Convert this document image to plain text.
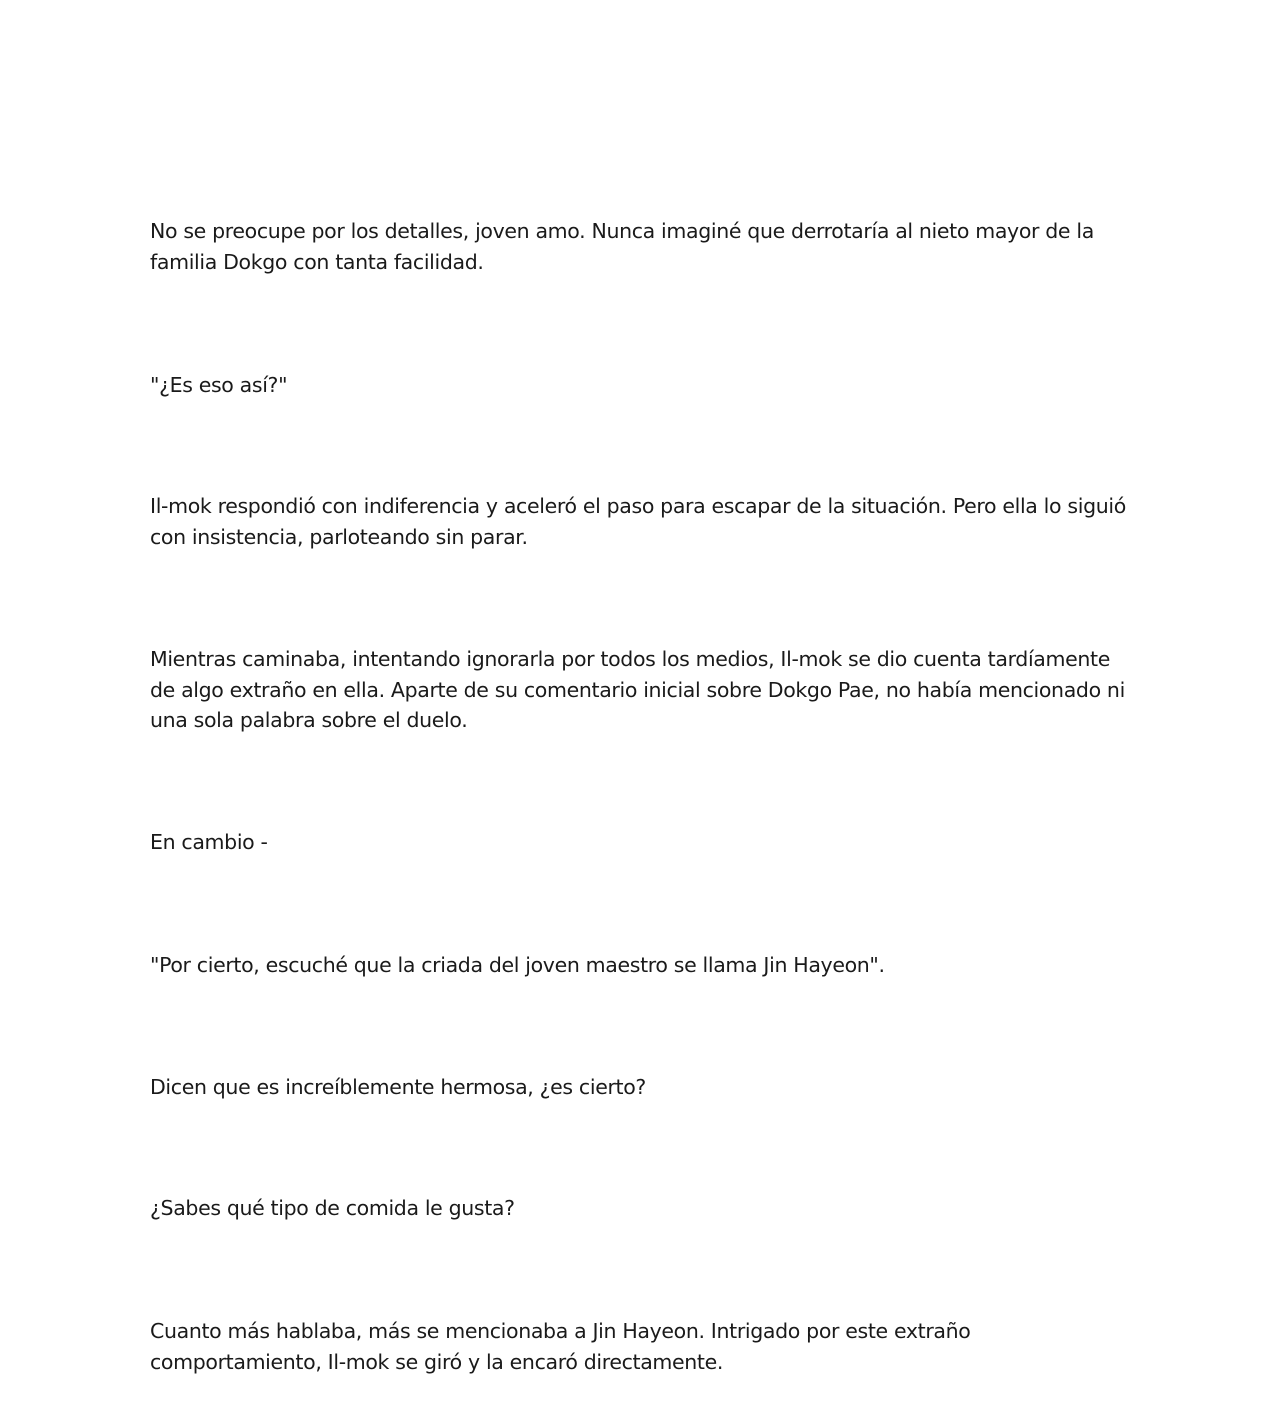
No se preocupe por los detalles, joven amo. Nunca imaginé que derrotaría al nieto mayor de la familia Dokgo con tanta facilidad.

"¿Es eso así?"

Il-mok respondió con indiferencia y aceleró el paso para escapar de la situación. Pero ella lo siguió con insistencia, parloteando sin parar.

Mientras caminaba, intentando ignorarla por todos los medios, Il-mok se dio cuenta tardíamente de algo extraño en ella. Aparte de su comentario inicial sobre Dokgo Pae, no había mencionado ni una sola palabra sobre el duelo.

En cambio -

"Por cierto, escuché que la criada del joven maestro se llama Jin Hayeon".

Dicen que es increíblemente hermosa, ¿es cierto?

¿Sabes qué tipo de comida le gusta?

Cuanto más hablaba, más se mencionaba a Jin Hayeon. Intrigado por este extraño comportamiento, Il-mok se giró y la encaró directamente.
